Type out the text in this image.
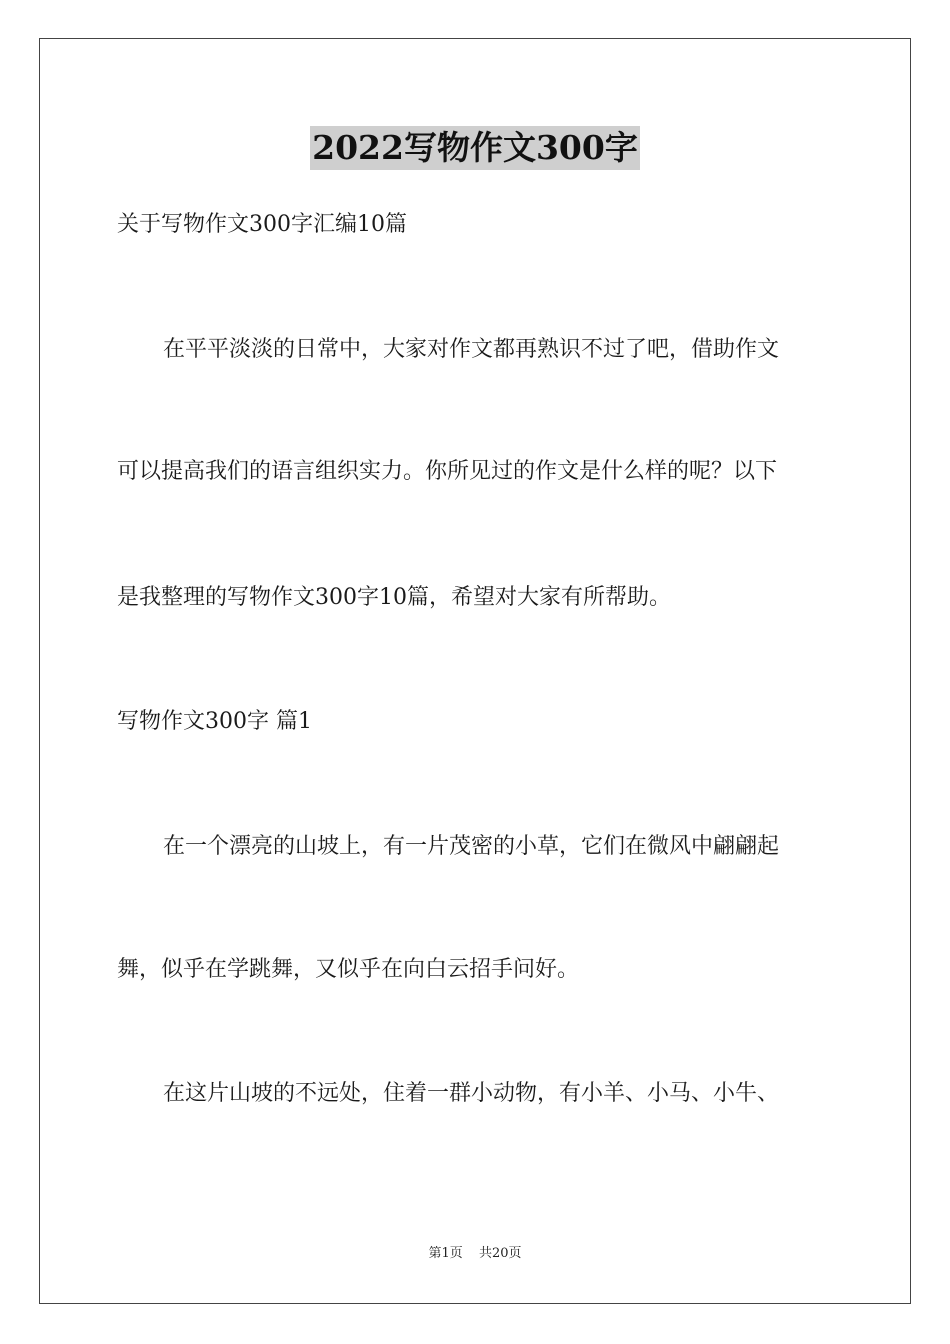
2022写物作文300字
关于写物作文300字汇编10篇
在平平淡淡的日常中，大家对作文都再熟识不过了吧，借助作文
可以提高我们的语言组织实力。你所见过的作文是什么样的呢？以下
是我整理的写物作文300字10篇，希望对大家有所帮助。
写物作文300字 篇1
在一个漂亮的山坡上，有一片茂密的小草，它们在微风中翩翩起
舞，似乎在学跳舞，又似乎在向白云招手问好。
在这片山坡的不远处，住着一群小动物，有小羊、小马、小牛、
第1页 共20页
